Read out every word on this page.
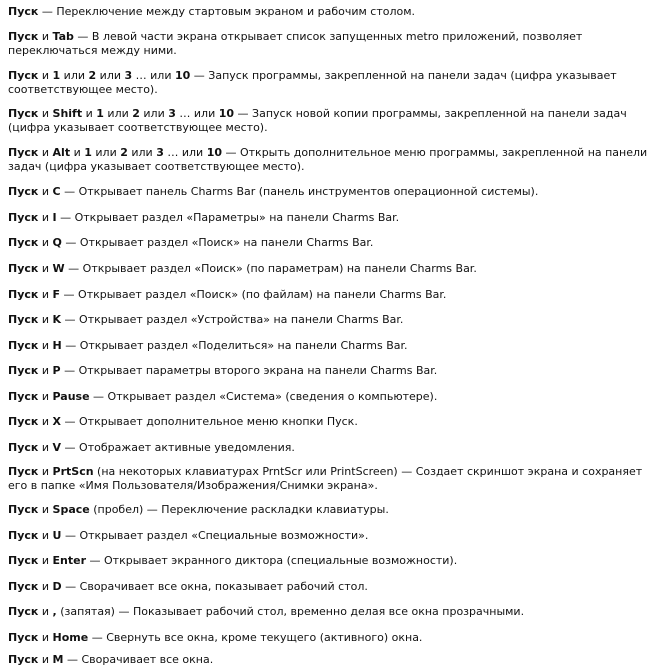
Пуск — Переключение между стартовым экраном и рабочим столом.

Пуск и Tab — В левой части экрана открывает список запущенных metro приложений, позволяет переключаться между ними.

Пуск и 1 или 2 или 3 … или 10 — Запуск программы, закрепленной на панели задач (цифра указывает соответствующее место).

Пуск и Shift и 1 или 2 или 3 … или 10 — Запуск новой копии программы, закрепленной на панели задач (цифра указывает соответствующее место).

Пуск и Alt и 1 или 2 или 3 … или 10 — Открыть дополнительное меню программы, закрепленной на панели задач (цифра указывает соответствующее место).

Пуск и C — Открывает панель Charms Bar (панель инструментов операционной системы).

Пуск и I — Открывает раздел «Параметры» на панели Charms Bar.

Пуск и Q — Открывает раздел «Поиск» на панели Charms Bar.

Пуск и W — Открывает раздел «Поиск» (по параметрам) на панели Charms Bar.

Пуск и F — Открывает раздел «Поиск» (по файлам) на панели Charms Bar.

Пуск и K — Открывает раздел «Устройства» на панели Charms Bar.

Пуск и H — Открывает раздел «Поделиться» на панели Charms Bar.

Пуск и P — Открывает параметры второго экрана на панели Charms Bar.

Пуск и Pause — Открывает раздел «Система» (сведения о компьютере).

Пуск и X — Открывает дополнительное меню кнопки Пуск.

Пуск и V — Отображает активные уведомления.

Пуск и PrtScn (на некоторых клавиатурах PrntScr или PrintScreen) — Создает скриншот экрана и сохраняет его в папке «Имя Пользователя/Изображения/Снимки экрана».

Пуск и Space (пробел) — Переключение раскладки клавиатуры.

Пуск и U — Открывает раздел «Специальные возможности».

Пуск и Enter — Открывает экранного диктора (специальные возможности).

Пуск и D — Сворачивает все окна, показывает рабочий стол.

Пуск и , (запятая) — Показывает рабочий стол, временно делая все окна прозрачными.

Пуск и Home — Свернуть все окна, кроме текущего (активного) окна.

Пуск и M — Сворачивает все окна.
